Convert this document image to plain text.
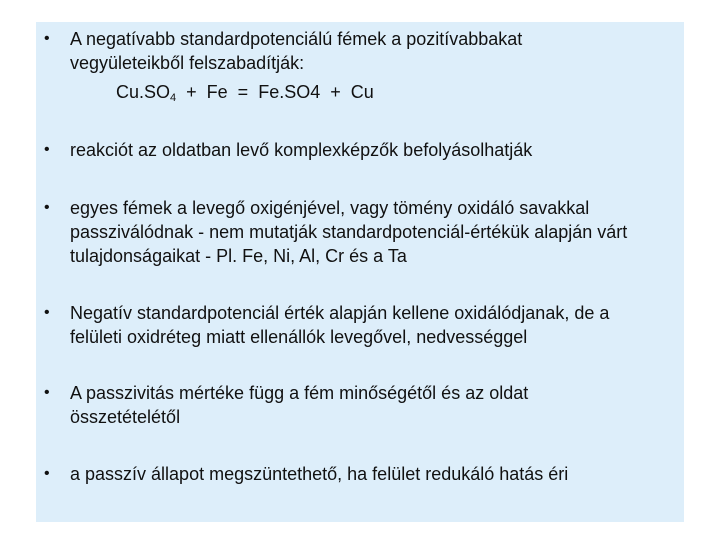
• A negatívabb standardpotenciálú fémek a pozitívabbakat
vegyületeikből felszabadítják:
$Cu.SO_4 + Fe = Fe.SO4 + Cu$
• reakciót az oldatban levő komplexképzők befolyásolhatják
• egyes fémek a levegő oxigénjével, vagy tömény oxidáló savakkal
passziválódnak - nem mutatják standardpotenciál-értékük alapján várt
tulajdonságaikat - Pl. Fe, Ni, Al, Cr és a Ta
• Negatív standardpotenciál érték alapján kellene oxidálódjanak, de a
felületi oxidréteg miatt ellenállók levegővel, nedvességgel
• A passzivitás mértéke függ a fém minőségétől és az oldat
összetételétől
• a passzív állapot megszüntethető, ha felület redukáló hatás éri
